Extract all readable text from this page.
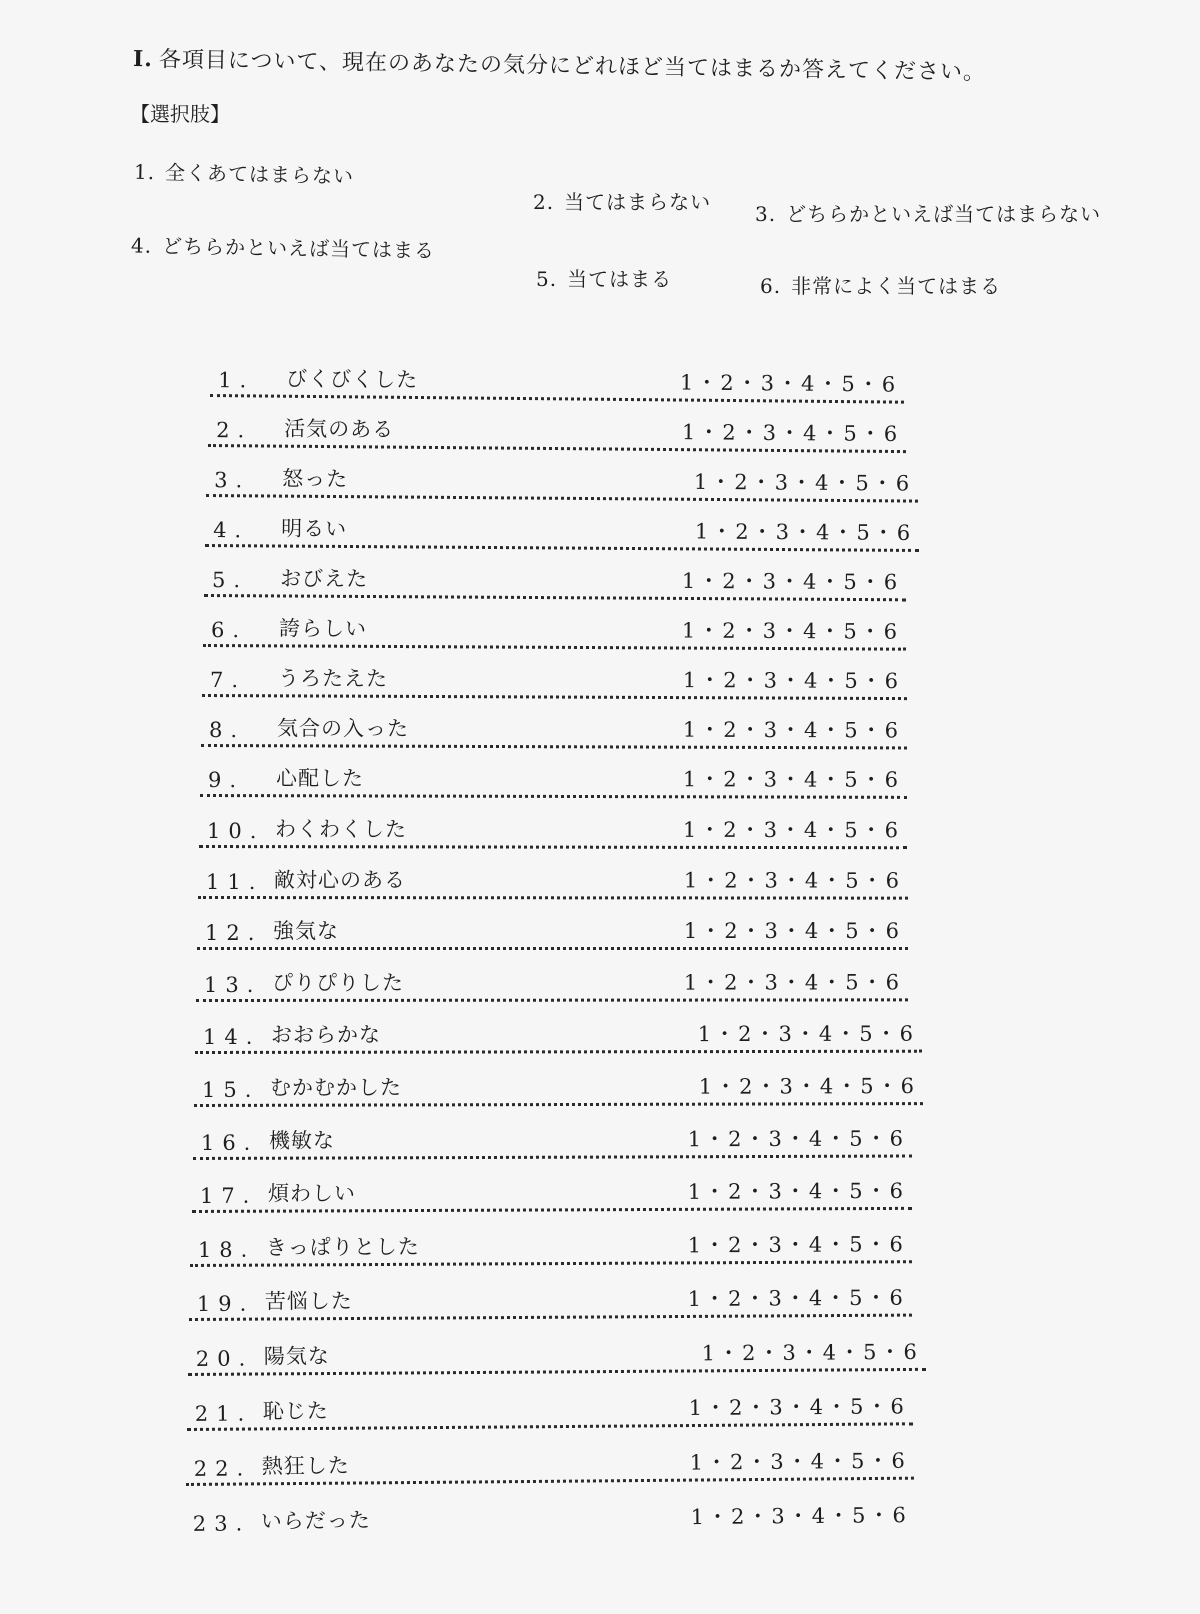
Ⅰ. 各項目について、現在のあなたの気分にどれほど当てはまるか答えてください。
【選択肢】
1. 全くあてはまらない
2. 当てはまらない 3. どちらかといえば当てはまらない
4. どちらかといえば当てはまる
5. 当てはまる	6. 非常によく当てはまる
1. びくびくした	1・2・3・4・5・6
2. 活気のある	1・2・3・4・5・6
3. 怒った	1・2・3・4・5・6
4. 明るい	1・2・3・4・5・6
5. おびえた	1・2・3・4・5・6
6. 誇らしい	1・2・3・4・5・6
7. うろたえた	1・2・3・4・5・6
8. 気合の入った	1・2・3・4・5・6
9. 心配した	1・2・3・4・5・6
10. わくわくした	1・2・3・4・5・6
11. 敵対心のある	1・2・3・4・5・6
12. 強気な	1・2・3・4・5・6
13. ぴりぴりした	1・2・3・4・5・6
14. おおらかな	1・2・3・4・5・6
15. むかむかした	1・2・3・4・5・6
16. 機敏な	1・2・3・4・5・6
17. 煩わしい	1・2・3・4・5・6
18. きっぱりとした	1・2・3・4・5・6
19. 苦悩した	1・2・3・4・5・6
20. 陽気な	1・2・3・4・5・6
21. 恥じた	1・2・3・4・5・6
22. 熱狂した	1・2・3・4・5・6
23. いらだった	1・2・3・4・5・6
